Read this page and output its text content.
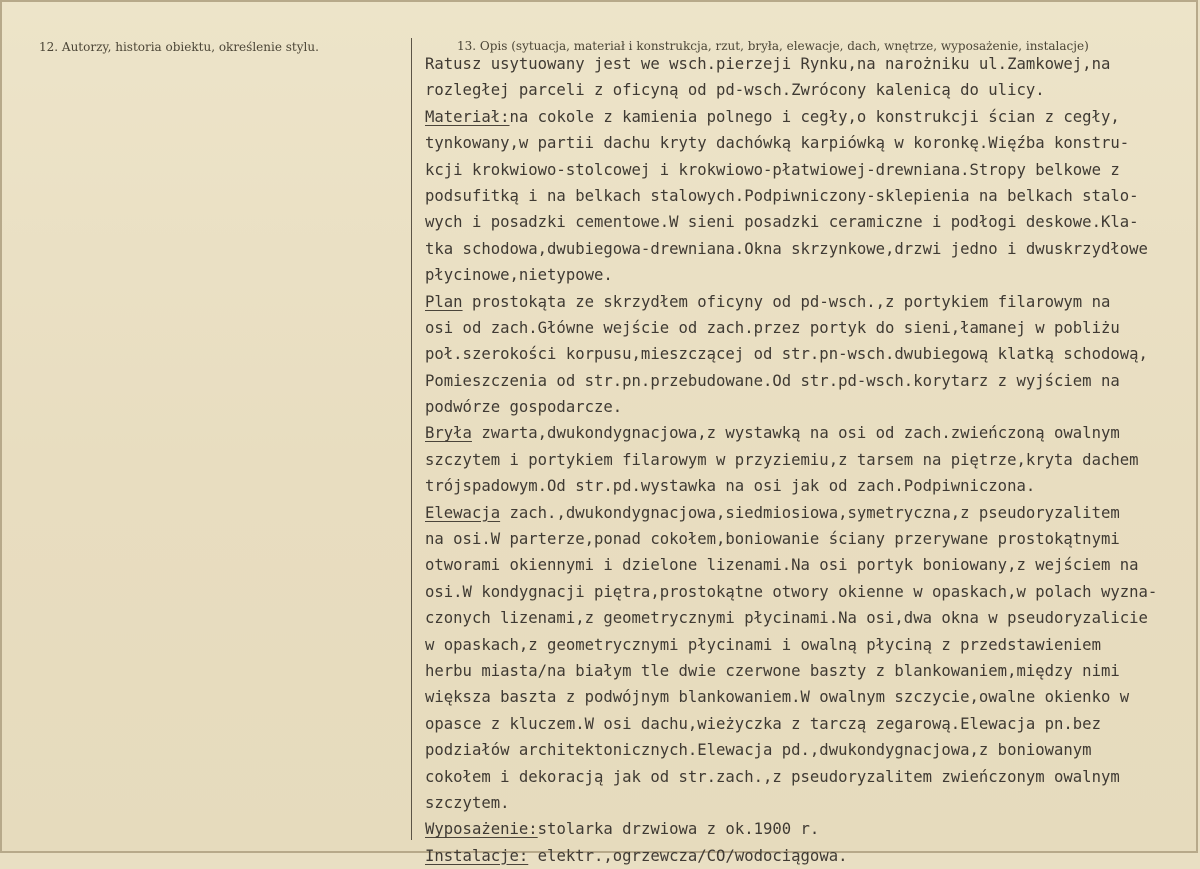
12. Autorzy, historia obiektu, określenie stylu.	13. Opis (sytuacja, materiał i konstrukcja, rzut, bryła, elewacje, dach, wnętrze, wyposażenie, instalacje)
Ratusz usytuowany jest we wsch.pierzeji Rynku,na narożniku ul.Zamkowej,na
rozległej parceli z oficyną od pd-wsch.Zwrócony kalenicą do ulicy.
Materiał:na cokole z kamienia polnego i cegły,o konstrukcji ścian z cegły,
tynkowany,w partii dachu kryty dachówką karpiówką w koronkę.Więźba konstru-
kcji krokwiowo-stolcowej i krokwiowo-płatwiowej-drewniana.Stropy belkowe z
podsufitką i na belkach stalowych.Podpiwniczony-sklepienia na belkach stalo-
wych i posadzki cementowe.W sieni posadzki ceramiczne i podłogi deskowe.Kla-
tka schodowa,dwubiegowa-drewniana.Okna skrzynkowe,drzwi jedno i dwuskrzydłowe
płycinowe,nietypowe.
Plan prostokąta ze skrzydłem oficyny od pd-wsch.,z portykiem filarowym na
osi od zach.Główne wejście od zach.przez portyk do sieni,łamanej w pobliżu
poł.szerokości korpusu,mieszczącej od str.pn-wsch.dwubiegową klatką schodową,
Pomieszczenia od str.pn.przebudowane.Od str.pd-wsch.korytarz z wyjściem na
podwórze gospodarcze.
Bryła zwarta,dwukondygnacjowa,z wystawką na osi od zach.zwieńczoną owalnym
szczytem i portykiem filarowym w przyziemiu,z tarsem na piętrze,kryta dachem
trójspadowym.Od str.pd.wystawka na osi jak od zach.Podpiwniczona.
Elewacja zach.,dwukondygnacjowa,siedmiosiowa,symetryczna,z pseudoryzalitem
na osi.W parterze,ponad cokołem,boniowanie ściany przerywane prostokątnymi
otworami okiennymi i dzielone lizenami.Na osi portyk boniowany,z wejściem na
osi.W kondygnacji piętra,prostokątne otwory okienne w opaskach,w polach wyzna-
czonych lizenami,z geometrycznymi płycinami.Na osi,dwa okna w pseudoryzalicie
w opaskach,z geometrycznymi płycinami i owalną płyciną z przedstawieniem
herbu miasta/na białym tle dwie czerwone baszty z blankowaniem,między nimi
większa baszta z podwójnym blankowaniem.W owalnym szczycie,owalne okienko w
opasce z kluczem.W osi dachu,wieżyczka z tarczą zegarową.Elewacja pn.bez
podziałów architektonicznych.Elewacja pd.,dwukondygnacjowa,z boniowanym
cokołem i dekoracją jak od str.zach.,z pseudoryzalitem zwieńczonym owalnym
szczytem.
Wyposażenie:stolarka drzwiowa z ok.1900 r.
Instalacje: elektr.,ogrzewcza/CO/wodociągowa.
